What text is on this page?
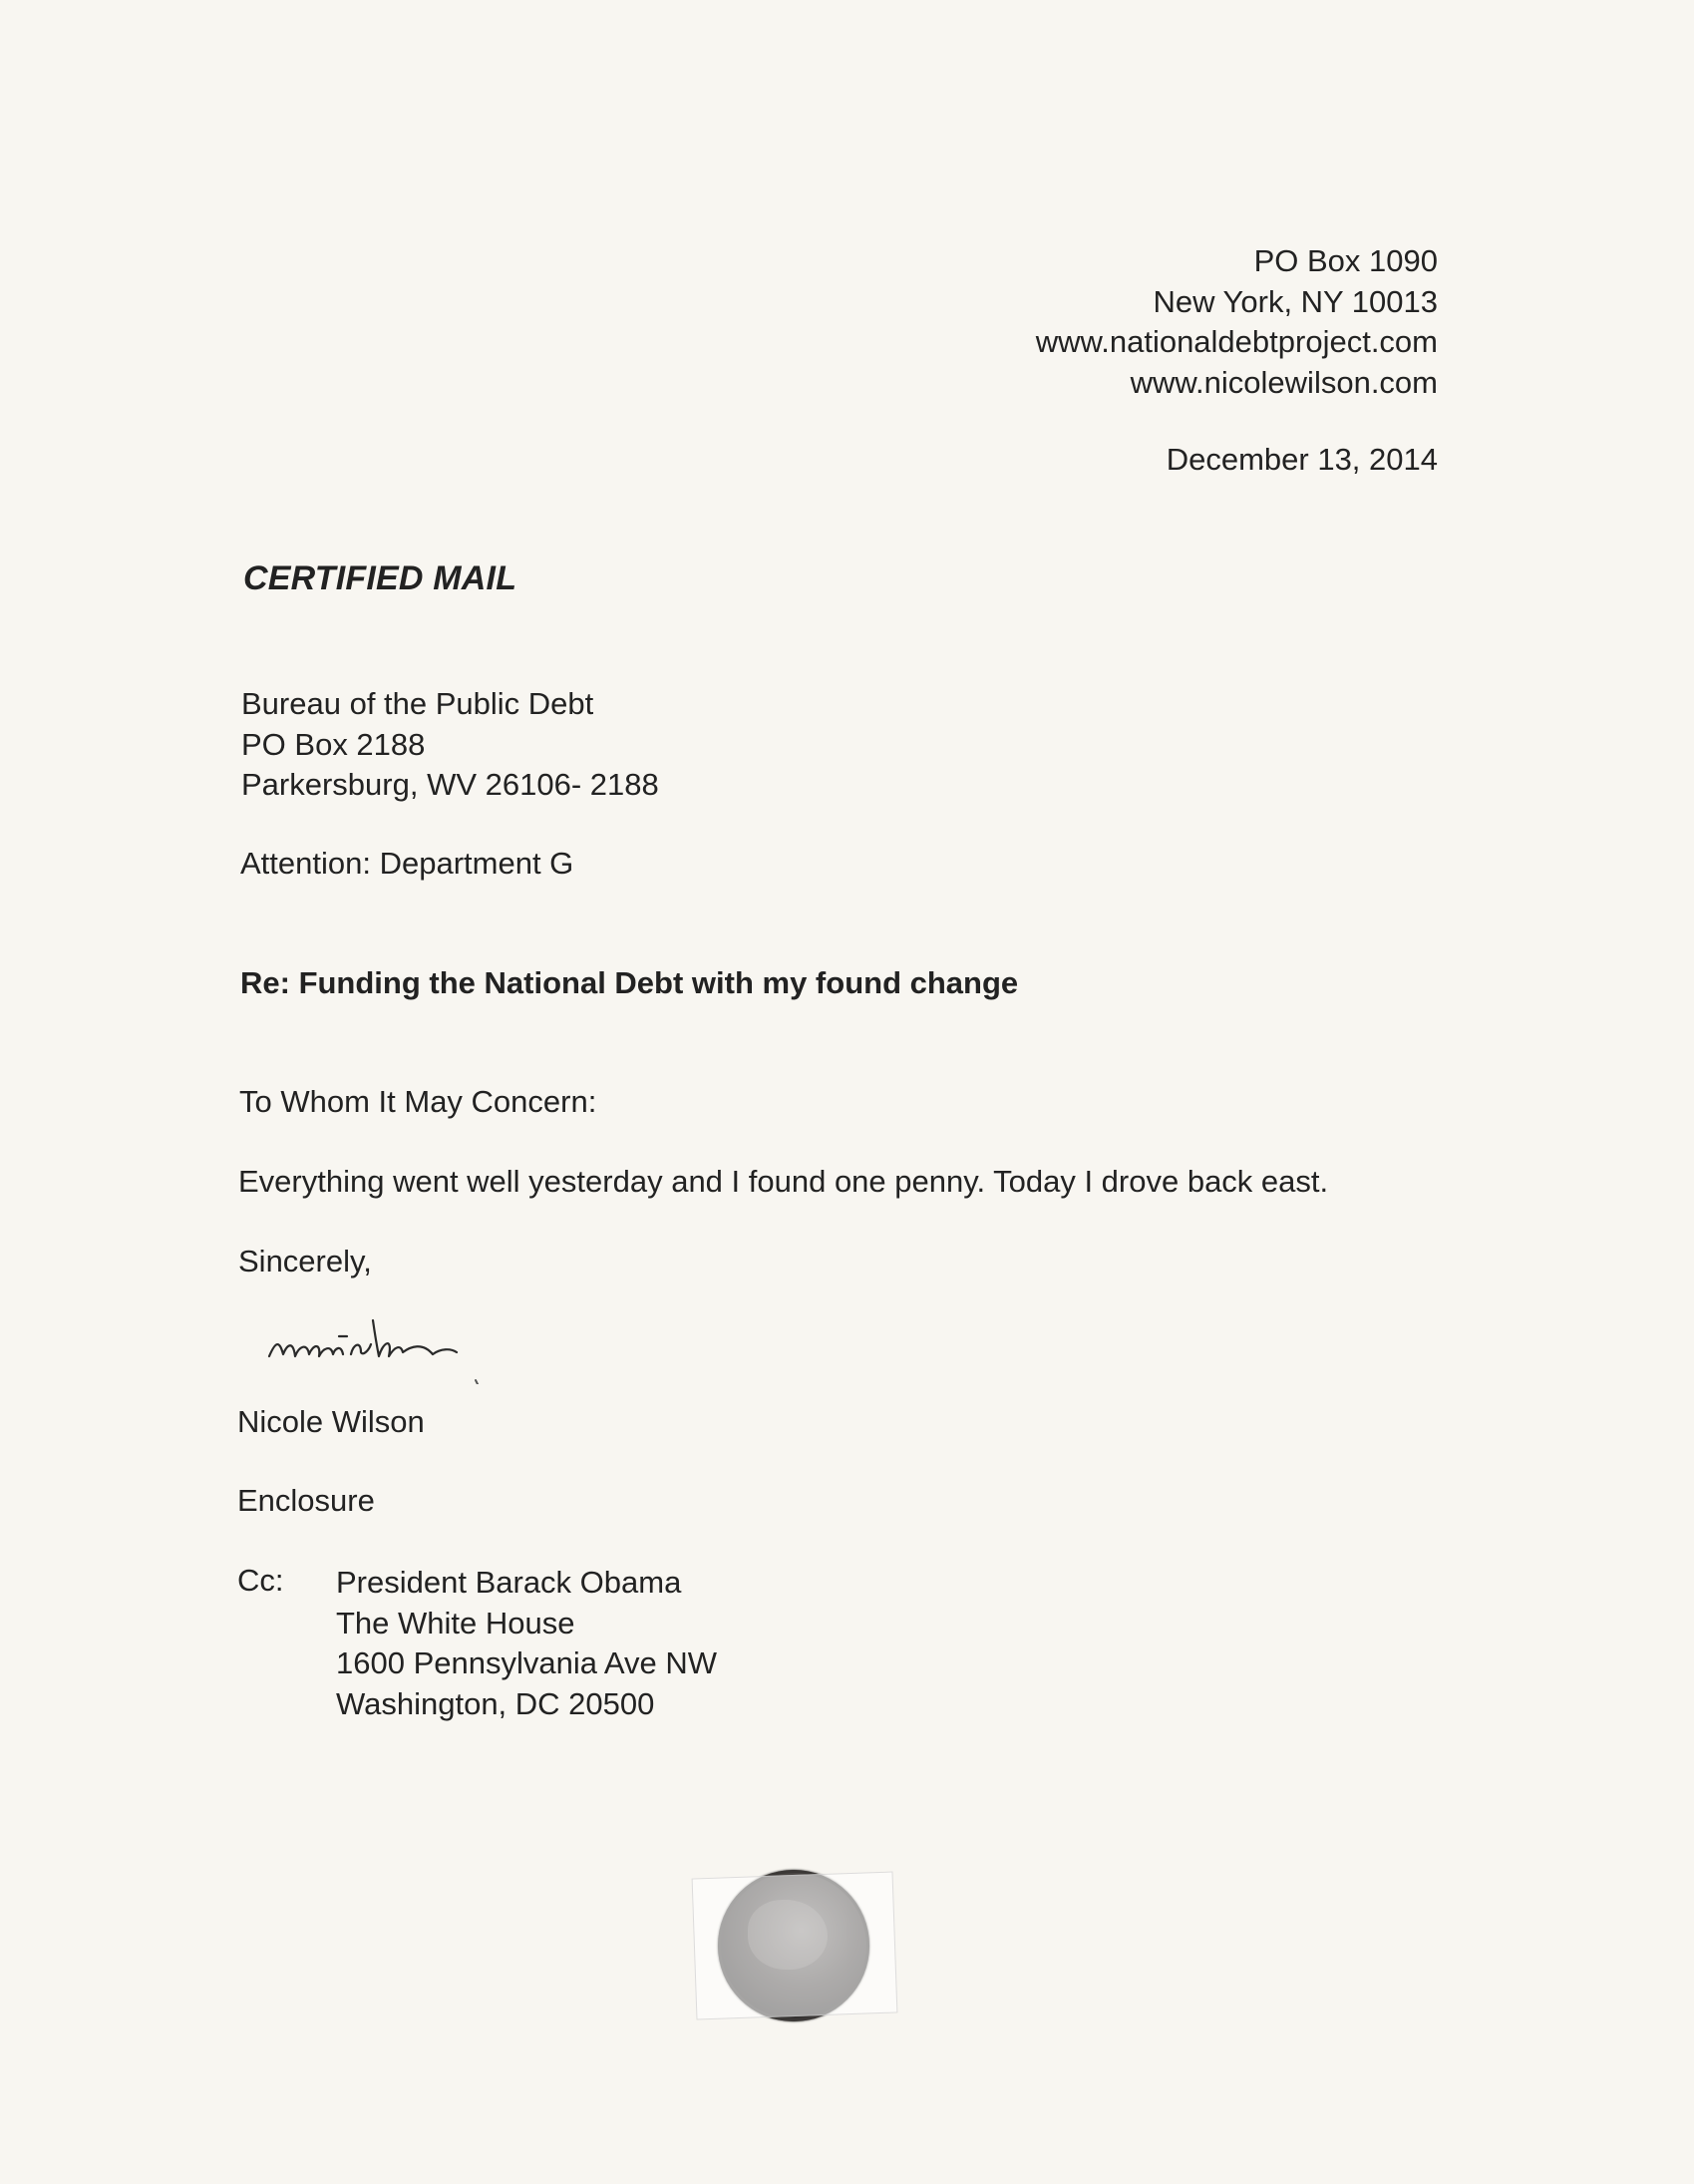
PO Box 1090
New York, NY 10013
www.nationaldebtproject.com
www.nicolewilson.com
December 13, 2014
CERTIFIED MAIL
Bureau of the Public Debt
PO Box 2188
Parkersburg, WV 26106- 2188
Attention: Department G
Re: Funding the National Debt with my found change
To Whom It May Concern:
Everything went well yesterday and I found one penny. Today I drove back east.
Sincerely,
Nicole Wilson
Enclosure
Cc: President Barack Obama
The White House
1600 Pennsylvania Ave NW
Washington, DC 20500
